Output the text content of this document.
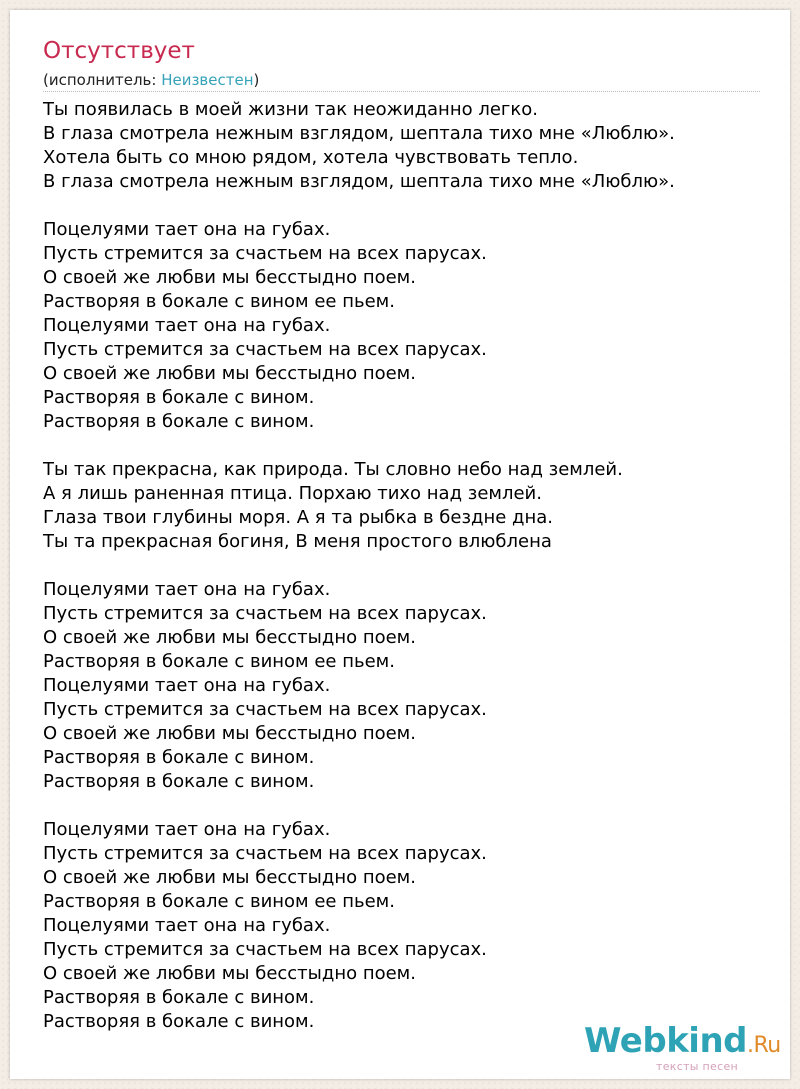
Отсутствует
(исполнитель: Неизвестен)
Ты появилась в моей жизни так неожиданно легко.
В глаза смотрела нежным взглядом, шептала тихо мне «Люблю».
Хотела быть со мною рядом, хотела чувствовать тепло.
В глаза смотрела нежным взглядом, шептала тихо мне «Люблю».
Поцелуями тает она на губах.
Пусть стремится за счастьем на всех парусах.
О своей же любви мы бесстыдно поем.
Растворяя в бокале с вином ее пьем.
Поцелуями тает она на губах.
Пусть стремится за счастьем на всех парусах.
О своей же любви мы бесстыдно поем.
Растворяя в бокале с вином.
Растворяя в бокале с вином.
Ты так прекрасна, как природа. Ты словно небо над землей.
А я лишь раненная птица. Порхаю тихо над землей.
Глаза твои глубины моря. А я та рыбка в бездне дна.
Ты та прекрасная богиня, В меня простого влюблена
Поцелуями тает она на губах.
Пусть стремится за счастьем на всех парусах.
О своей же любви мы бесстыдно поем.
Растворяя в бокале с вином ее пьем.
Поцелуями тает она на губах.
Пусть стремится за счастьем на всех парусах.
О своей же любви мы бесстыдно поем.
Растворяя в бокале с вином.
Растворяя в бокале с вином.
Поцелуями тает она на губах.
Пусть стремится за счастьем на всех парусах.
О своей же любви мы бесстыдно поем.
Растворяя в бокале с вином ее пьем.
Поцелуями тает она на губах.
Пусть стремится за счастьем на всех парусах.
О своей же любви мы бесстыдно поем.
Растворяя в бокале с вином.
Растворяя в бокале с вином.	Webkind.Ru
тексты песен
